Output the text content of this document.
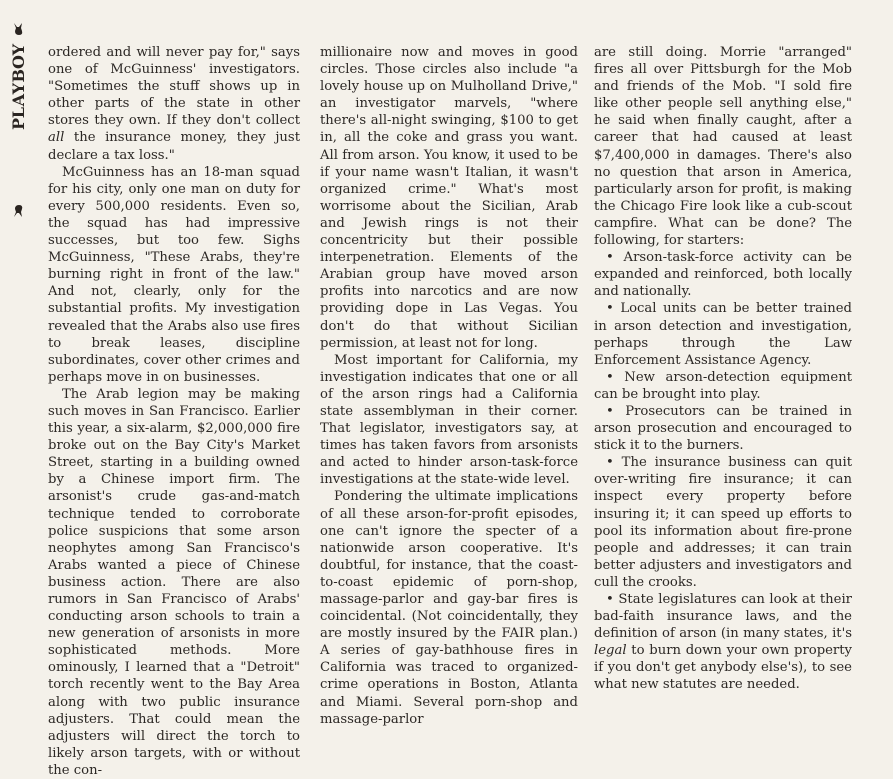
Y
O
B
Y
A
L
P

ordered and will never pay for," says one of McGuinness' investigators. "Sometimes the stuff shows up in other parts of the state in other stores they own. If they don't collect all the insurance money, they just declare a tax loss."

McGuinness has an 18-man squad for his city, only one man on duty for every 500,000 residents. Even so, the squad has had impressive successes, but too few. Sighs McGuinness, "These Arabs, they're burning right in front of the law." And not, clearly, only for the substantial profits. My investigation revealed that the Arabs also use fires to break leases, discipline subordinates, cover other crimes and perhaps move in on businesses.

The Arab legion may be making such moves in San Francisco. Earlier this year, a six-alarm, $2,000,000 fire broke out on the Bay City's Market Street, starting in a building owned by a Chinese import firm. The arsonist's crude gas-and-match technique tended to corroborate police suspicions that some arson neophytes among San Francisco's Arabs wanted a piece of Chinese business action. There are also rumors in San Francisco of Arabs' conducting arson schools to train a new generation of arsonists in more sophisticated methods. More ominously, I learned that a "Detroit" torch recently went to the Bay Area along with two public insurance adjusters. That could mean the adjusters will direct the torch to likely arson targets, with or without the con-

millionaire now and moves in good circles. Those circles also include "a lovely house up on Mulholland Drive," an investigator marvels, "where there's all-night swinging, $100 to get in, all the coke and grass you want. All from arson. You know, it used to be if your name wasn't Italian, it wasn't organized crime." What's most worrisome about the Sicilian, Arab and Jewish rings is not their concentricity but their possible interpenetration. Elements of the Arabian group have moved arson profits into narcotics and are now providing dope in Las Vegas. You don't do that without Sicilian permission, at least not for long.

Most important for California, my investigation indicates that one or all of the arson rings had a California state assemblyman in their corner. That legislator, investigators say, at times has taken favors from arsonists and acted to hinder arson-task-force investigations at the state-wide level.

Pondering the ultimate implications of all these arson-for-profit episodes, one can't ignore the specter of a nationwide arson cooperative. It's doubtful, for instance, that the coast-to-coast epidemic of porn-shop, massage-parlor and gay-bar fires is coincidental. (Not coincidentally, they are mostly insured by the FAIR plan.) A series of gay-bathhouse fires in California was traced to organized-crime operations in Boston, Atlanta and Miami. Several porn-shop and massage-parlor

are still doing. Morrie "arranged" fires all over Pittsburgh for the Mob and friends of the Mob. "I sold fire like other people sell anything else," he said when finally caught, after a career that had caused at least $7,400,000 in damages. There's also no question that arson in America, particularly arson for profit, is making the Chicago Fire look like a cub-scout campfire. What can be done? The following, for starters:

• Arson-task-force activity can be expanded and reinforced, both locally and nationally.

• Local units can be better trained in arson detection and investigation, perhaps through the Law Enforcement Assistance Agency.

• New arson-detection equipment can be brought into play.

• Prosecutors can be trained in arson prosecution and encouraged to stick it to the burners.

• The insurance business can quit over-writing fire insurance; it can inspect every property before insuring it; it can speed up efforts to pool its information about fire-prone people and addresses; it can train better adjusters and investigators and cull the crooks.

• State legislatures can look at their bad-faith insurance laws, and the definition of arson (in many states, it's legal to burn down your own property if you don't get anybody else's), to see what new statutes are needed.
